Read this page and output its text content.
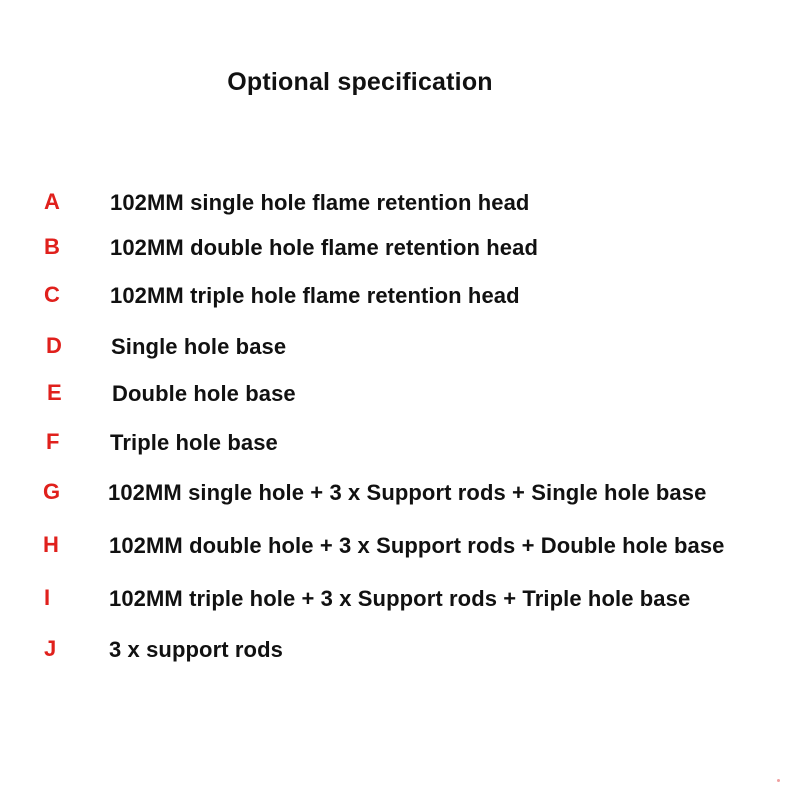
Optional specification
A 102MM single hole flame retention head
B 102MM double hole flame retention head
C 102MM triple hole flame retention head
D Single hole base
E Double hole base
F Triple hole base
G 102MM single hole + 3 x Support rods + Single hole base
H 102MM double hole + 3 x Support rods + Double hole base
I	102MM triple hole + 3 x Support rods + Triple hole base
J 3 x support rods
